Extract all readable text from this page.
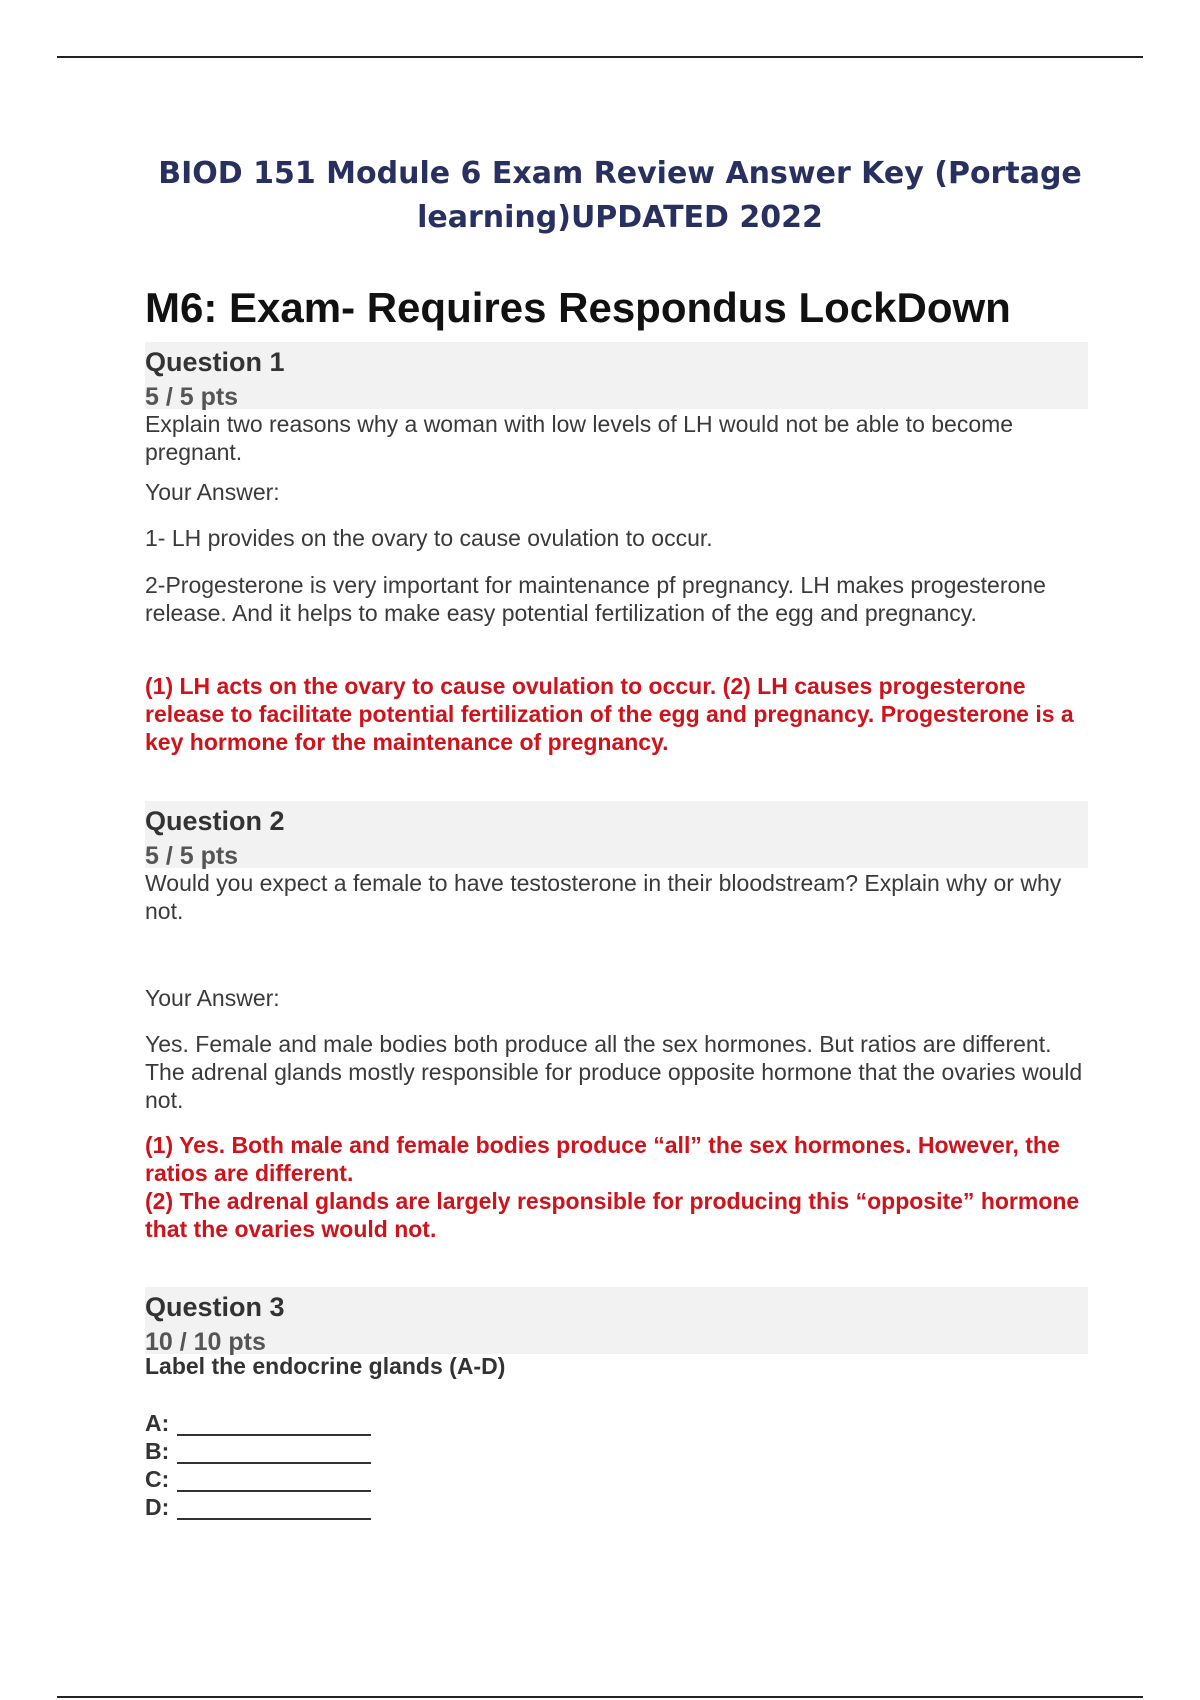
BIOD 151 Module 6 Exam Review Answer Key (Portage
learning)UPDATED 2022
M6: Exam- Requires Respondus LockDown
Question 1
5 / 5 pts
Explain two reasons why a woman with low levels of LH would not be able to become pregnant.
Your Answer:
1- LH provides on the ovary to cause ovulation to occur.
2-Progesterone is very important for maintenance pf pregnancy. LH makes progesterone release. And it helps to make easy potential fertilization of the egg and pregnancy.
(1) LH acts on the ovary to cause ovulation to occur. (2) LH causes progesterone release to facilitate potential fertilization of the egg and pregnancy. Progesterone is a key hormone for the maintenance of pregnancy.
Question 2
5 / 5 pts
Would you expect a female to have testosterone in their bloodstream? Explain why or why not.
Your Answer:
Yes. Female and male bodies both produce all the sex hormones. But ratios are different. The adrenal glands mostly responsible for produce opposite hormone that the ovaries would not.
(1) Yes. Both male and female bodies produce “all” the sex hormones. However, the ratios are different.
(2) The adrenal glands are largely responsible for producing this “opposite” hormone that the ovaries would not.
Question 3
10 / 10 pts
Label the endocrine glands (A-D)
A:
B:
C:
D:
